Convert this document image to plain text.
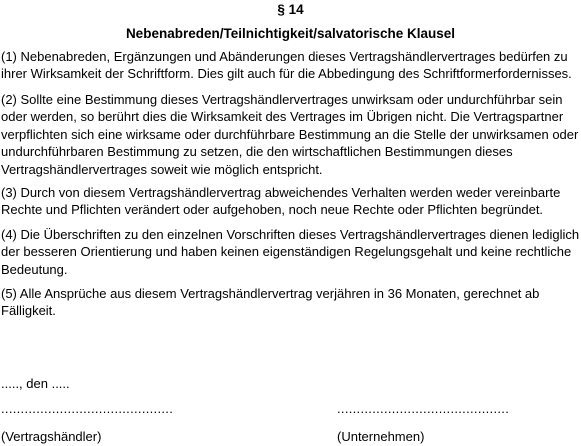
§ 14
Nebenabreden/Teilnichtigkeit/salvatorische Klausel
(1) Nebenabreden, Ergänzungen und Abänderungen dieses Vertragshändlervertrages bedürfen zu
ihrer Wirksamkeit der Schriftform. Dies gilt auch für die Abbedingung des Schriftformerfordernisses.
(2) Sollte eine Bestimmung dieses Vertragshändlervertrages unwirksam oder undurchführbar sein
oder werden, so berührt dies die Wirksamkeit des Vertrages im Übrigen nicht. Die Vertragspartner
verpflichten sich eine wirksame oder durchführbare Bestimmung an die Stelle der unwirksamen oder
undurchführbaren Bestimmung zu setzen, die den wirtschaftlichen Bestimmungen dieses
Vertragshändlervertrages soweit wie möglich entspricht.
(3) Durch von diesem Vertragshändlervertrag abweichendes Verhalten werden weder vereinbarte
Rechte und Pflichten verändert oder aufgehoben, noch neue Rechte oder Pflichten begründet.
(4) Die Überschriften zu den einzelnen Vorschriften dieses Vertragshändlervertrages dienen lediglich
der besseren Orientierung und haben keinen eigenständigen Regelungsgehalt und keine rechtliche
Bedeutung.
(5) Alle Ansprüche aus diesem Vertragshändlervertrag verjähren in 36 Monaten, gerechnet ab
Fälligkeit.
....., den .....
............................................	............................................
(Vertragshändler)	(Unternehmen)
